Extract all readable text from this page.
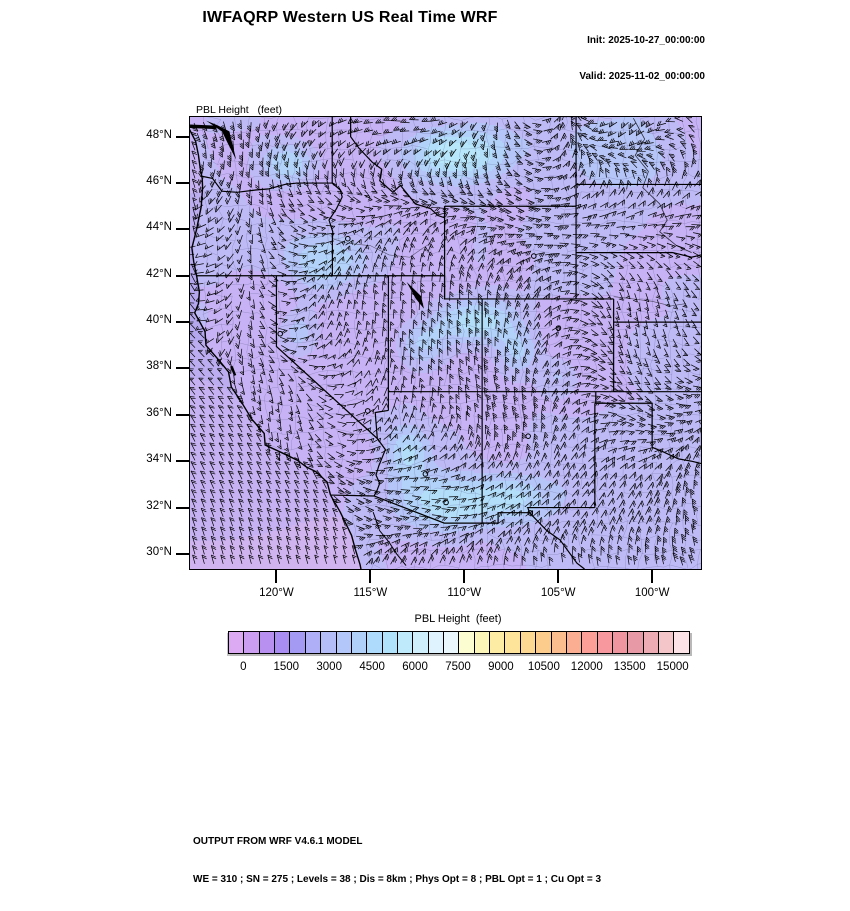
IWFAQRP Western US Real Time WRF

Init: 2025-10-27_00:00:00

Valid: 2025-11-02_00:00:00

PBL Height   (feet)

48°N
46°N
44°N
42°N
40°N
38°N
36°N
34°N
32°N
30°N
120°W	115°W	110°W	105°W	100°W
PBL Height  (feet)
0	1500	3000	4500	6000	7500	9000	10500 12000 13500 15000

OUTPUT FROM WRF V4.6.1 MODEL

WE = 310 ; SN = 275 ; Levels = 38 ; Dis = 8km ; Phys Opt = 8 ; PBL Opt = 1 ; Cu Opt = 3
